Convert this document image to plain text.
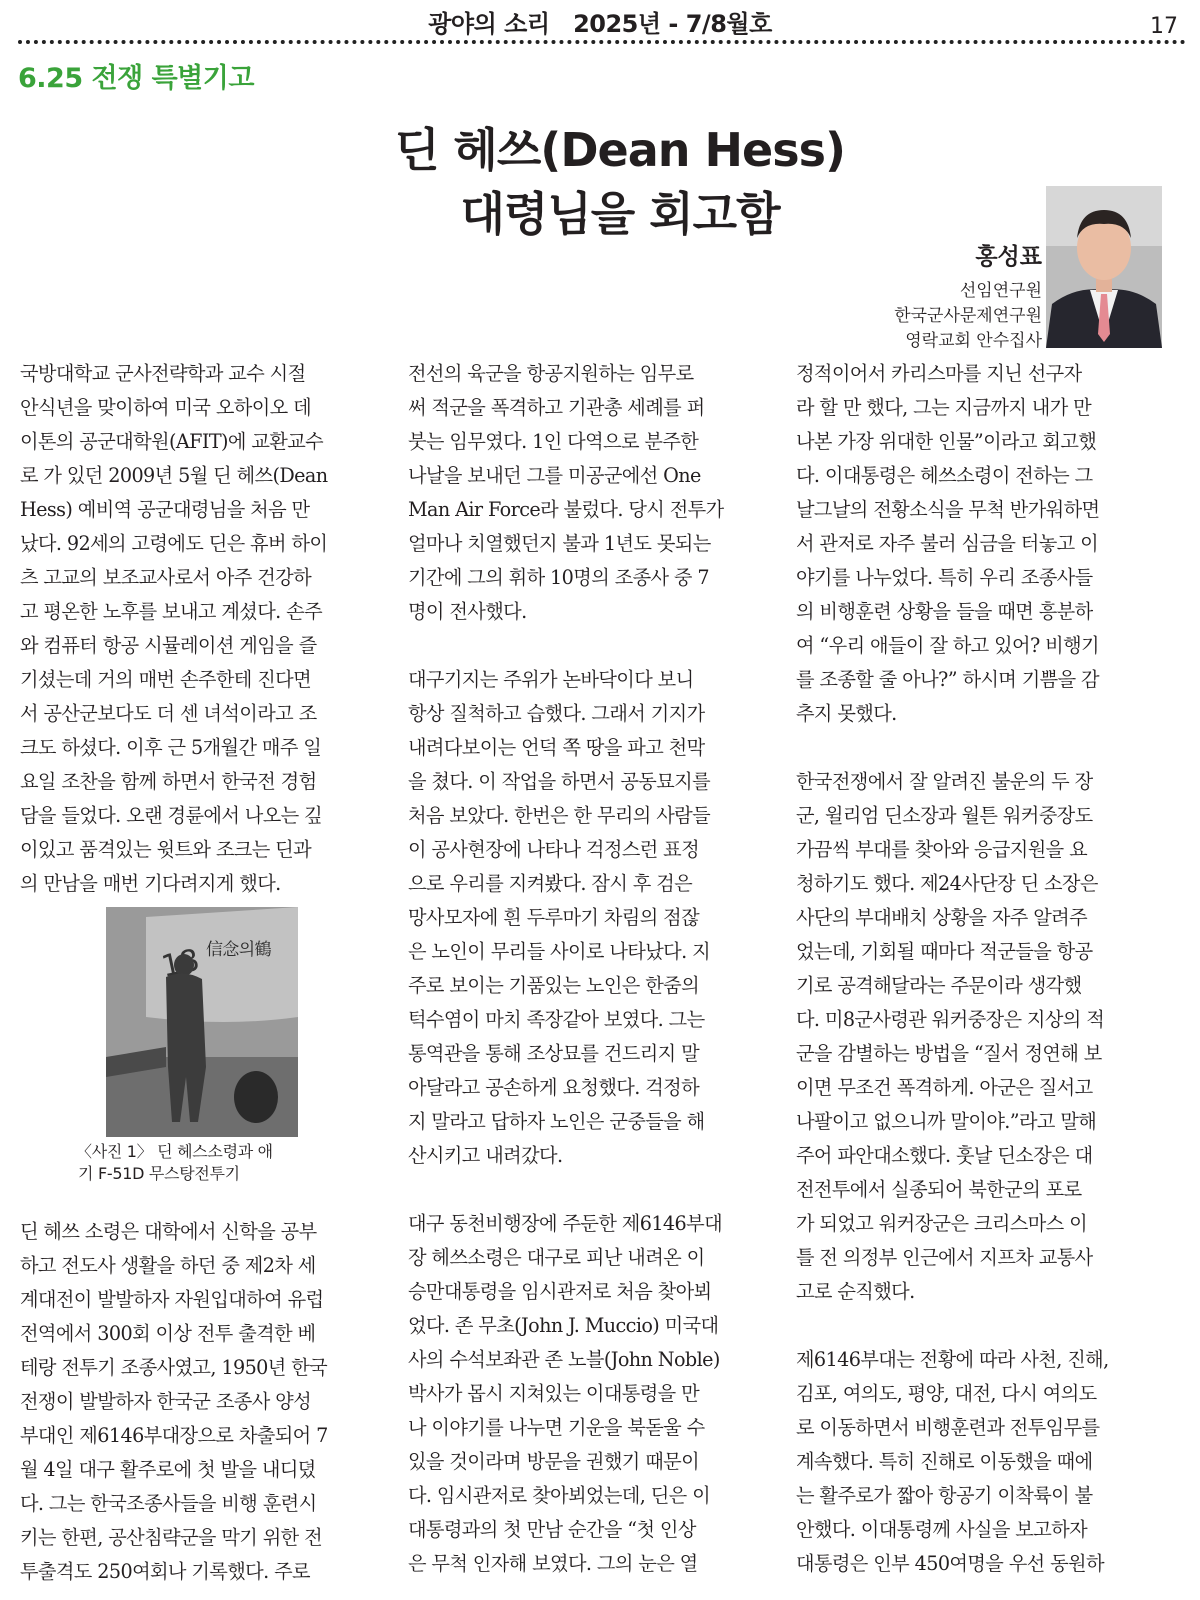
광야의 소리   2025년 - 7/8월호	17
6.25 전쟁 특별기고
딘 헤쓰(Dean Hess)
대령님을 회고함
홍성표
선임연구원
한국군사문제연구원
영락교회 안수집사

국방대학교 군사전략학과 교수 시절

안식년을 맞이하여 미국 오하이오 데

이톤의 공군대학원(AFIT)에 교환교수

로 가 있던 2009년 5월 딘 헤쓰(Dean

Hess) 예비역 공군대령님을 처음 만

났다. 92세의 고령에도 딘은 휴버 하이

츠 고교의 보조교사로서 아주 건강하

고 평온한 노후를 보내고 계셨다. 손주

와 컴퓨터 항공 시뮬레이션 게임을 즐

기셨는데 거의 매번 손주한테 진다면

서 공산군보다도 더 센 녀석이라고 조

크도 하셨다. 이후 근 5개월간 매주 일

요일 조찬을 함께 하면서 한국전 경험

담을 들었다. 오랜 경륜에서 나오는 깊

이있고 품격있는 윗트와 조크는 딘과

의 만남을 매번 기다려지게 했다.

信念의鶴
〈사진 1〉 딘 헤스소령과 애
기 F-51D 무스탕전투기

딘 헤쓰 소령은 대학에서 신학을 공부

하고 전도사 생활을 하던 중 제2차 세

계대전이 발발하자 자원입대하여 유럽

전역에서 300회 이상 전투 출격한 베

테랑 전투기 조종사였고, 1950년 한국

전쟁이 발발하자 한국군 조종사 양성

부대인 제6146부대장으로 차출되어 7

월 4일 대구 활주로에 첫 발을 내디뎠

다. 그는 한국조종사들을 비행 훈련시

키는 한편, 공산침략군을 막기 위한 전

투출격도 250여회나 기록했다. 주로

전선의 육군을 항공지원하는 임무로

써 적군을 폭격하고 기관총 세례를 퍼

붓는 임무였다. 1인 다역으로 분주한

나날을 보내던 그를 미공군에선 One

Man Air Force라 불렀다. 당시 전투가

얼마나 치열했던지 불과 1년도 못되는

기간에 그의 휘하 10명의 조종사 중 7

명이 전사했다.

대구기지는 주위가 논바닥이다 보니

항상 질척하고 습했다. 그래서 기지가

내려다보이는 언덕 쪽 땅을 파고 천막

을 쳤다. 이 작업을 하면서 공동묘지를

처음 보았다. 한번은 한 무리의 사람들

이 공사현장에 나타나 걱정스런 표정

으로 우리를 지켜봤다. 잠시 후 검은

망사모자에 흰 두루마기 차림의 점잖

은 노인이 무리들 사이로 나타났다. 지

주로 보이는 기품있는 노인은 한줌의

턱수염이 마치 족장같아 보였다. 그는

통역관을 통해 조상묘를 건드리지 말

아달라고 공손하게 요청했다. 걱정하

지 말라고 답하자 노인은 군중들을 해

산시키고 내려갔다.

대구 동천비행장에 주둔한 제6146부대

장 헤쓰소령은 대구로 피난 내려온 이

승만대통령을 임시관저로 처음 찾아뵈

었다. 존 무초(John J. Muccio) 미국대

사의 수석보좌관 존 노블(John Noble)

박사가 몹시 지쳐있는 이대통령을 만

나 이야기를 나누면 기운을 북돋울 수

있을 것이라며 방문을 권했기 때문이

다. 임시관저로 찾아뵈었는데, 딘은 이

대통령과의 첫 만남 순간을 “첫 인상

은 무척 인자해 보였다. 그의 눈은 열

정적이어서 카리스마를 지닌 선구자

라 할 만 했다, 그는 지금까지 내가 만

나본 가장 위대한 인물”이라고 회고했

다. 이대통령은 헤쓰소령이 전하는 그

날그날의 전황소식을 무척 반가워하면

서 관저로 자주 불러 심금을 터놓고 이

야기를 나누었다. 특히 우리 조종사들

의 비행훈련 상황을 들을 때면 흥분하

여 “우리 애들이 잘 하고 있어? 비행기

를 조종할 줄 아나?” 하시며 기쁨을 감

추지 못했다.

한국전쟁에서 잘 알려진 불운의 두 장

군, 윌리엄 딘소장과 월튼 워커중장도

가끔씩 부대를 찾아와 응급지원을 요

청하기도 했다. 제24사단장 딘 소장은

사단의 부대배치 상황을 자주 알려주

었는데, 기회될 때마다 적군들을 항공

기로 공격해달라는 주문이라 생각했

다. 미8군사령관 워커중장은 지상의 적

군을 감별하는 방법을 “질서 정연해 보

이면 무조건 폭격하게. 아군은 질서고

나팔이고 없으니까 말이야.”라고 말해

주어 파안대소했다. 훗날 딘소장은 대

전전투에서 실종되어 북한군의 포로

가 되었고 워커장군은 크리스마스 이

틀 전 의정부 인근에서 지프차 교통사

고로 순직했다.

제6146부대는 전황에 따라 사천, 진해,

김포, 여의도, 평양, 대전, 다시 여의도

로 이동하면서 비행훈련과 전투임무를

계속했다. 특히 진해로 이동했을 때에

는 활주로가 짧아 항공기 이착륙이 불

안했다. 이대통령께 사실을 보고하자

대통령은 인부 450여명을 우선 동원하
